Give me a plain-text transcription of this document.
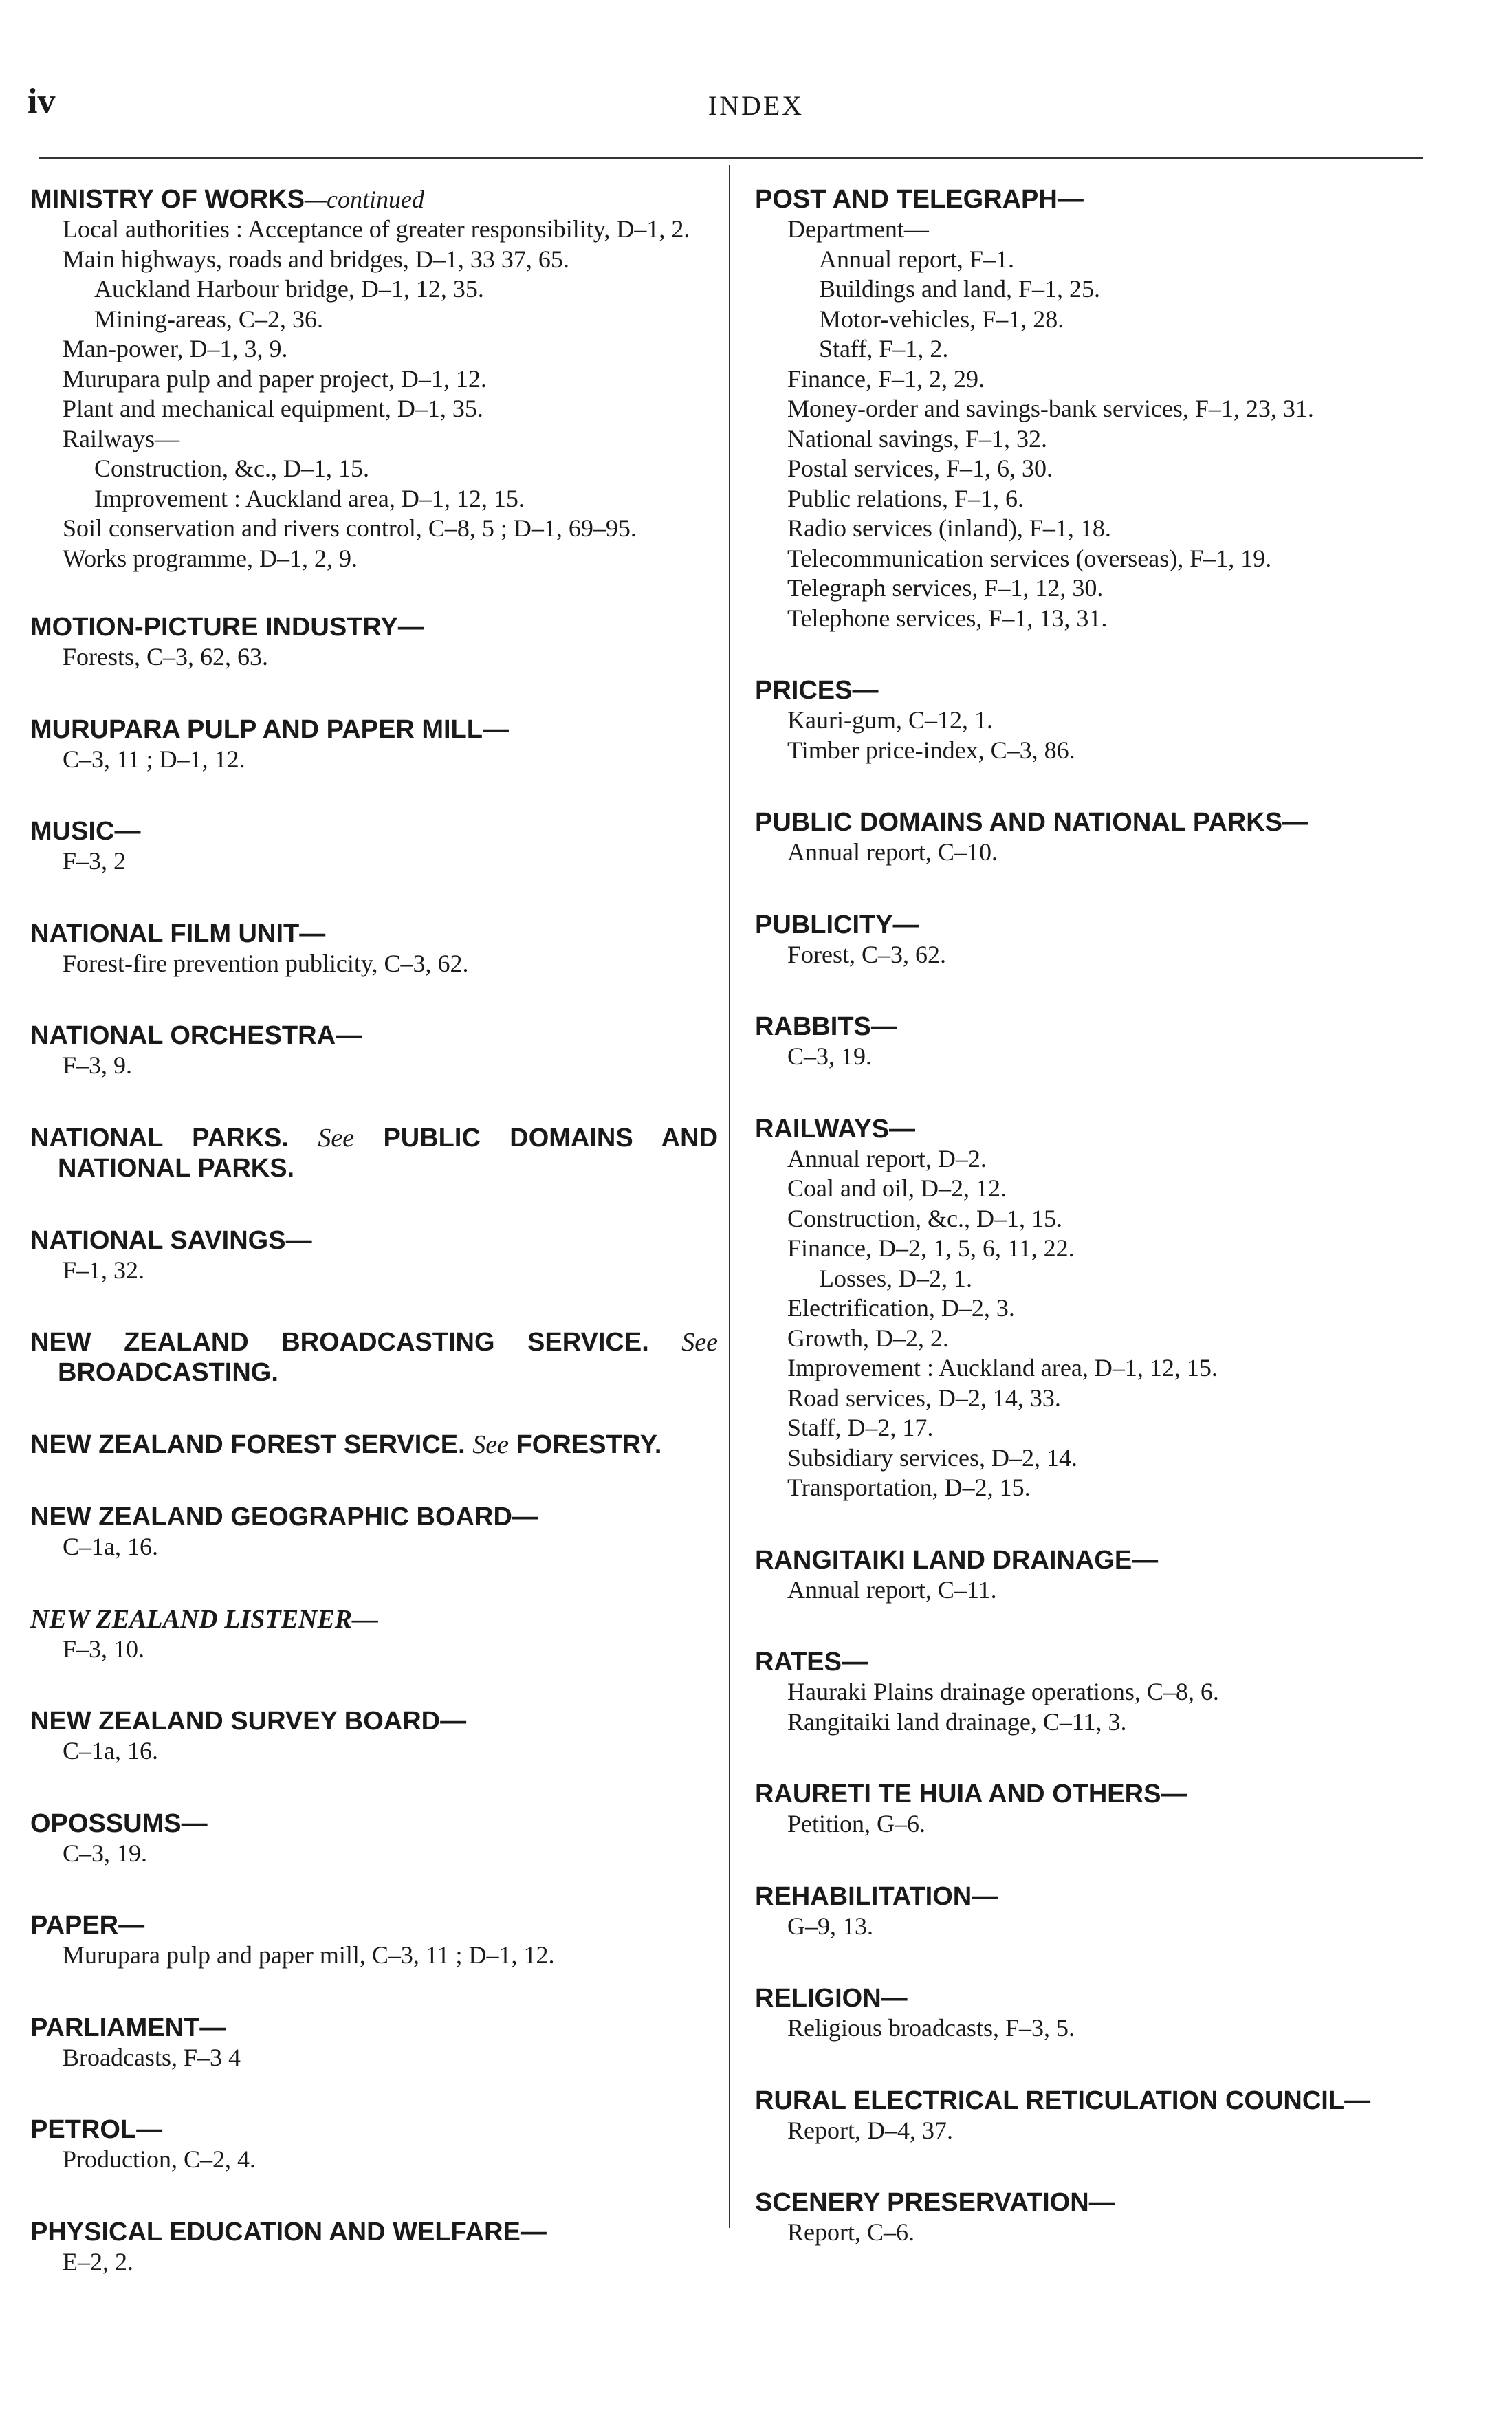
iv	INDEX
MINISTRY OF WORKS—continued
Local authorities : Acceptance of greater responsibility, D–1, 2.
Main highways, roads and bridges, D–1, 33 37, 65.
Auckland Harbour bridge, D–1, 12, 35.
Mining-areas, C–2, 36.
Man-power, D–1, 3, 9.
Murupara pulp and paper project, D–1, 12.
Plant and mechanical equipment, D–1, 35.
Railways—
Construction, &c., D–1, 15.
Improvement : Auckland area, D–1, 12, 15.
Soil conservation and rivers control, C–8, 5 ; D–1, 69–95.
Works programme, D–1, 2, 9.
MOTION-PICTURE INDUSTRY—
Forests, C–3, 62, 63.
MURUPARA PULP AND PAPER MILL—
C–3, 11 ; D–1, 12.
MUSIC—
F–3, 2
NATIONAL FILM UNIT—
Forest-fire prevention publicity, C–3, 62.
NATIONAL ORCHESTRA—
F–3, 9.
NATIONAL PARKS. See PUBLIC DOMAINS AND NATIONAL PARKS.
NATIONAL SAVINGS—
F–1, 32.
NEW ZEALAND BROADCASTING SERVICE. See BROADCASTING.
NEW ZEALAND FOREST SERVICE. See FORESTRY.
NEW ZEALAND GEOGRAPHIC BOARD—
C–1a, 16.
NEW ZEALAND LISTENER—
F–3, 10.
NEW ZEALAND SURVEY BOARD—
C–1a, 16.
OPOSSUMS—
C–3, 19.
PAPER—
Murupara pulp and paper mill, C–3, 11 ; D–1, 12.
PARLIAMENT—
Broadcasts, F–3 4
PETROL—
Production, C–2, 4.
PHYSICAL EDUCATION AND WELFARE—
E–2, 2.
POST AND TELEGRAPH—
Department—
Annual report, F–1.
Buildings and land, F–1, 25.
Motor-vehicles, F–1, 28.
Staff, F–1, 2.
Finance, F–1, 2, 29.
Money-order and savings-bank services, F–1, 23, 31.
National savings, F–1, 32.
Postal services, F–1, 6, 30.
Public relations, F–1, 6.
Radio services (inland), F–1, 18.
Telecommunication services (overseas), F–1, 19.
Telegraph services, F–1, 12, 30.
Telephone services, F–1, 13, 31.
PRICES—
Kauri-gum, C–12, 1.
Timber price-index, C–3, 86.
PUBLIC DOMAINS AND NATIONAL PARKS—
Annual report, C–10.
PUBLICITY—
Forest, C–3, 62.
RABBITS—
C–3, 19.
RAILWAYS—
Annual report, D–2.
Coal and oil, D–2, 12.
Construction, &c., D–1, 15.
Finance, D–2, 1, 5, 6, 11, 22.
Losses, D–2, 1.
Electrification, D–2, 3.
Growth, D–2, 2.
Improvement : Auckland area, D–1, 12, 15.
Road services, D–2, 14, 33.
Staff, D–2, 17.
Subsidiary services, D–2, 14.
Transportation, D–2, 15.
RANGITAIKI LAND DRAINAGE—
Annual report, C–11.
RATES—
Hauraki Plains drainage operations, C–8, 6.
Rangitaiki land drainage, C–11, 3.
RAURETI TE HUIA AND OTHERS—
Petition, G–6.
REHABILITATION—
G–9, 13.
RELIGION—
Religious broadcasts, F–3, 5.
RURAL ELECTRICAL RETICULATION COUNCIL—
Report, D–4, 37.
SCENERY PRESERVATION—
Report, C–6.
